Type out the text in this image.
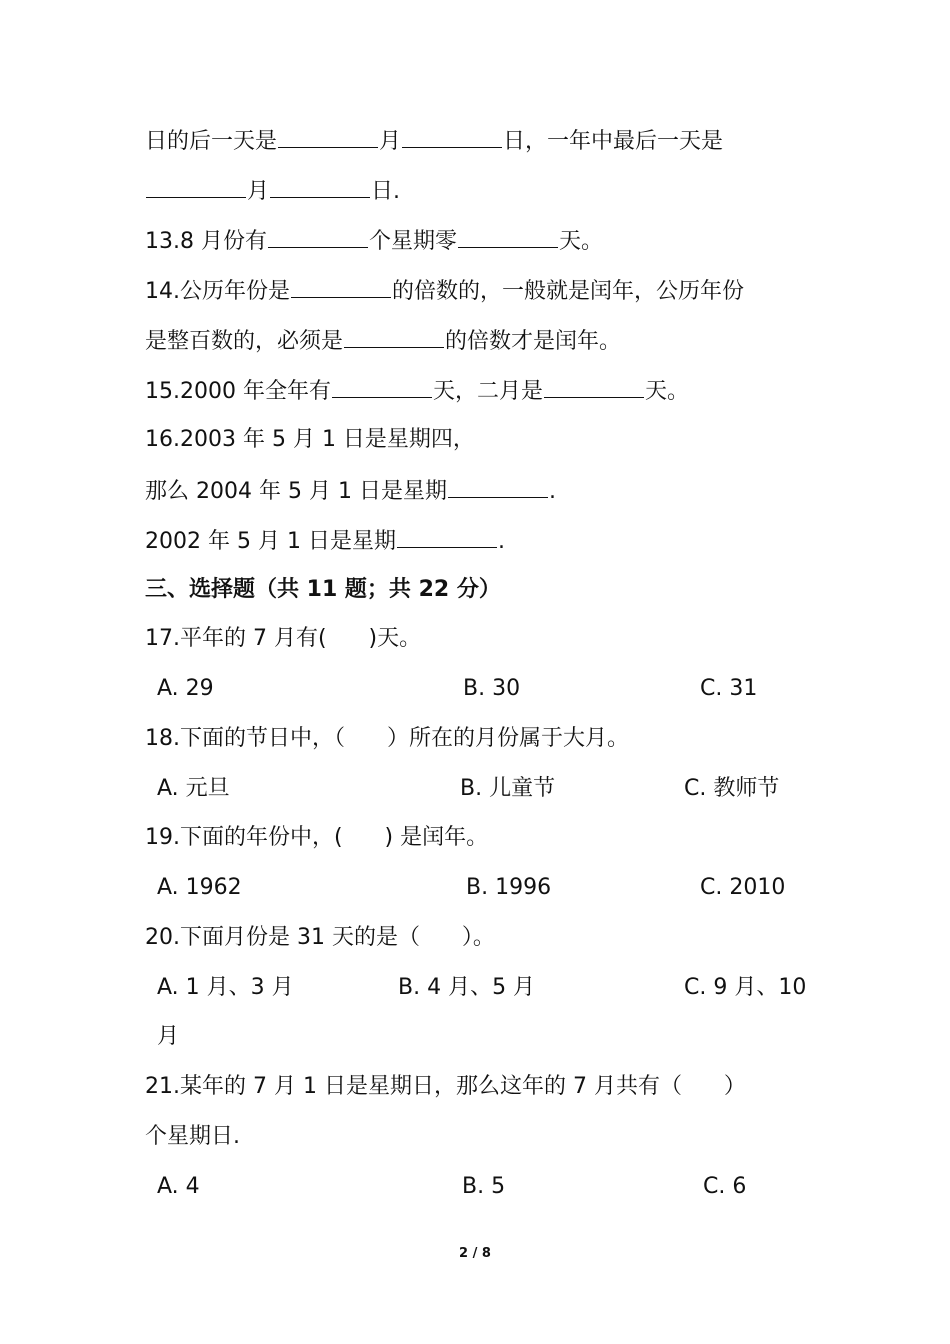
日的后一天是	月	日，一年中最后一天是
月	日.
13.8 月份有	个星期零	天。
14.公历年份是	的倍数的，一般就是闰年，公历年份
是整百数的，必须是	的倍数才是闰年。
15.2000 年全年有	天，二月是	天。
16.2003 年 5 月 1 日是星期四，
那么 2004 年 5 月 1 日是星期	.
2002 年 5 月 1 日是星期	.
三、选择题（共 11 题；共 22 分）
17.平年的 7 月有(      )天。
A. 29	B. 30	C. 31
18.下面的节日中，（      ）所在的月份属于大月。
A. 元旦	B. 儿童节	C. 教师节
19.下面的年份中，(      ) 是闰年。
A. 1962	B. 1996	C. 2010
20.下面月份是 31 天的是（      ）。
A. 1 月、3 月	B. 4 月、5 月	C. 9 月、10
月
21.某年的 7 月 1 日是星期日，那么这年的 7 月共有（      ）
个星期日.
A. 4	B. 5	C. 6
2 / 8
